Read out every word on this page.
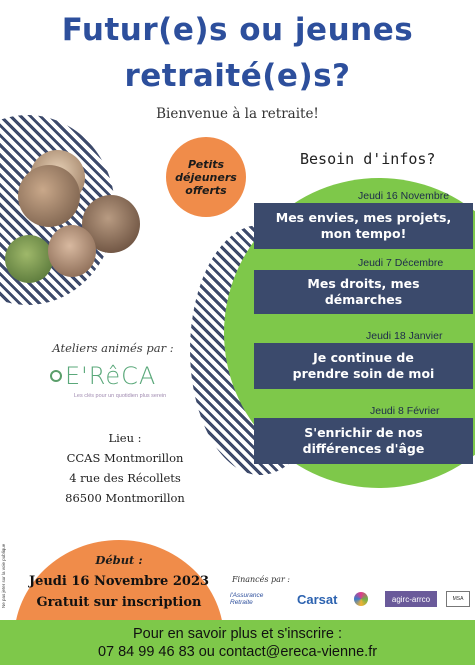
Futur(e)s ou jeunes
retraité(e)s?
Bienvenue à la retraite!
Petits
déjeuners
offerts
Besoin d'infos?
Jeudi 16 Novembre
Mes envies, mes projets,
mon tempo!
Jeudi 7 Décembre
Mes droits, mes
démarches
Jeudi 18 Janvier
Je continue de
prendre soin de moi
Jeudi 8 Février
S'enrichir de nos
différences d'âge
Ateliers animés par :
E'RêCA
Les clés pour un quotidien plus serein
Lieu :
CCAS Montmorillon
4 rue des Récollets
86500 Montmorillon
Ne pas jeter sur la voie publique	Début :
Jeudi 16 Novembre 2023
Gratuit sur inscription
Financés par :
l'Assurance
Retraite	Carsat	agirc-arrco	MSA
Pour en savoir plus et s'inscrire :
07 84 99 46 83 ou contact@ereca-vienne.fr
